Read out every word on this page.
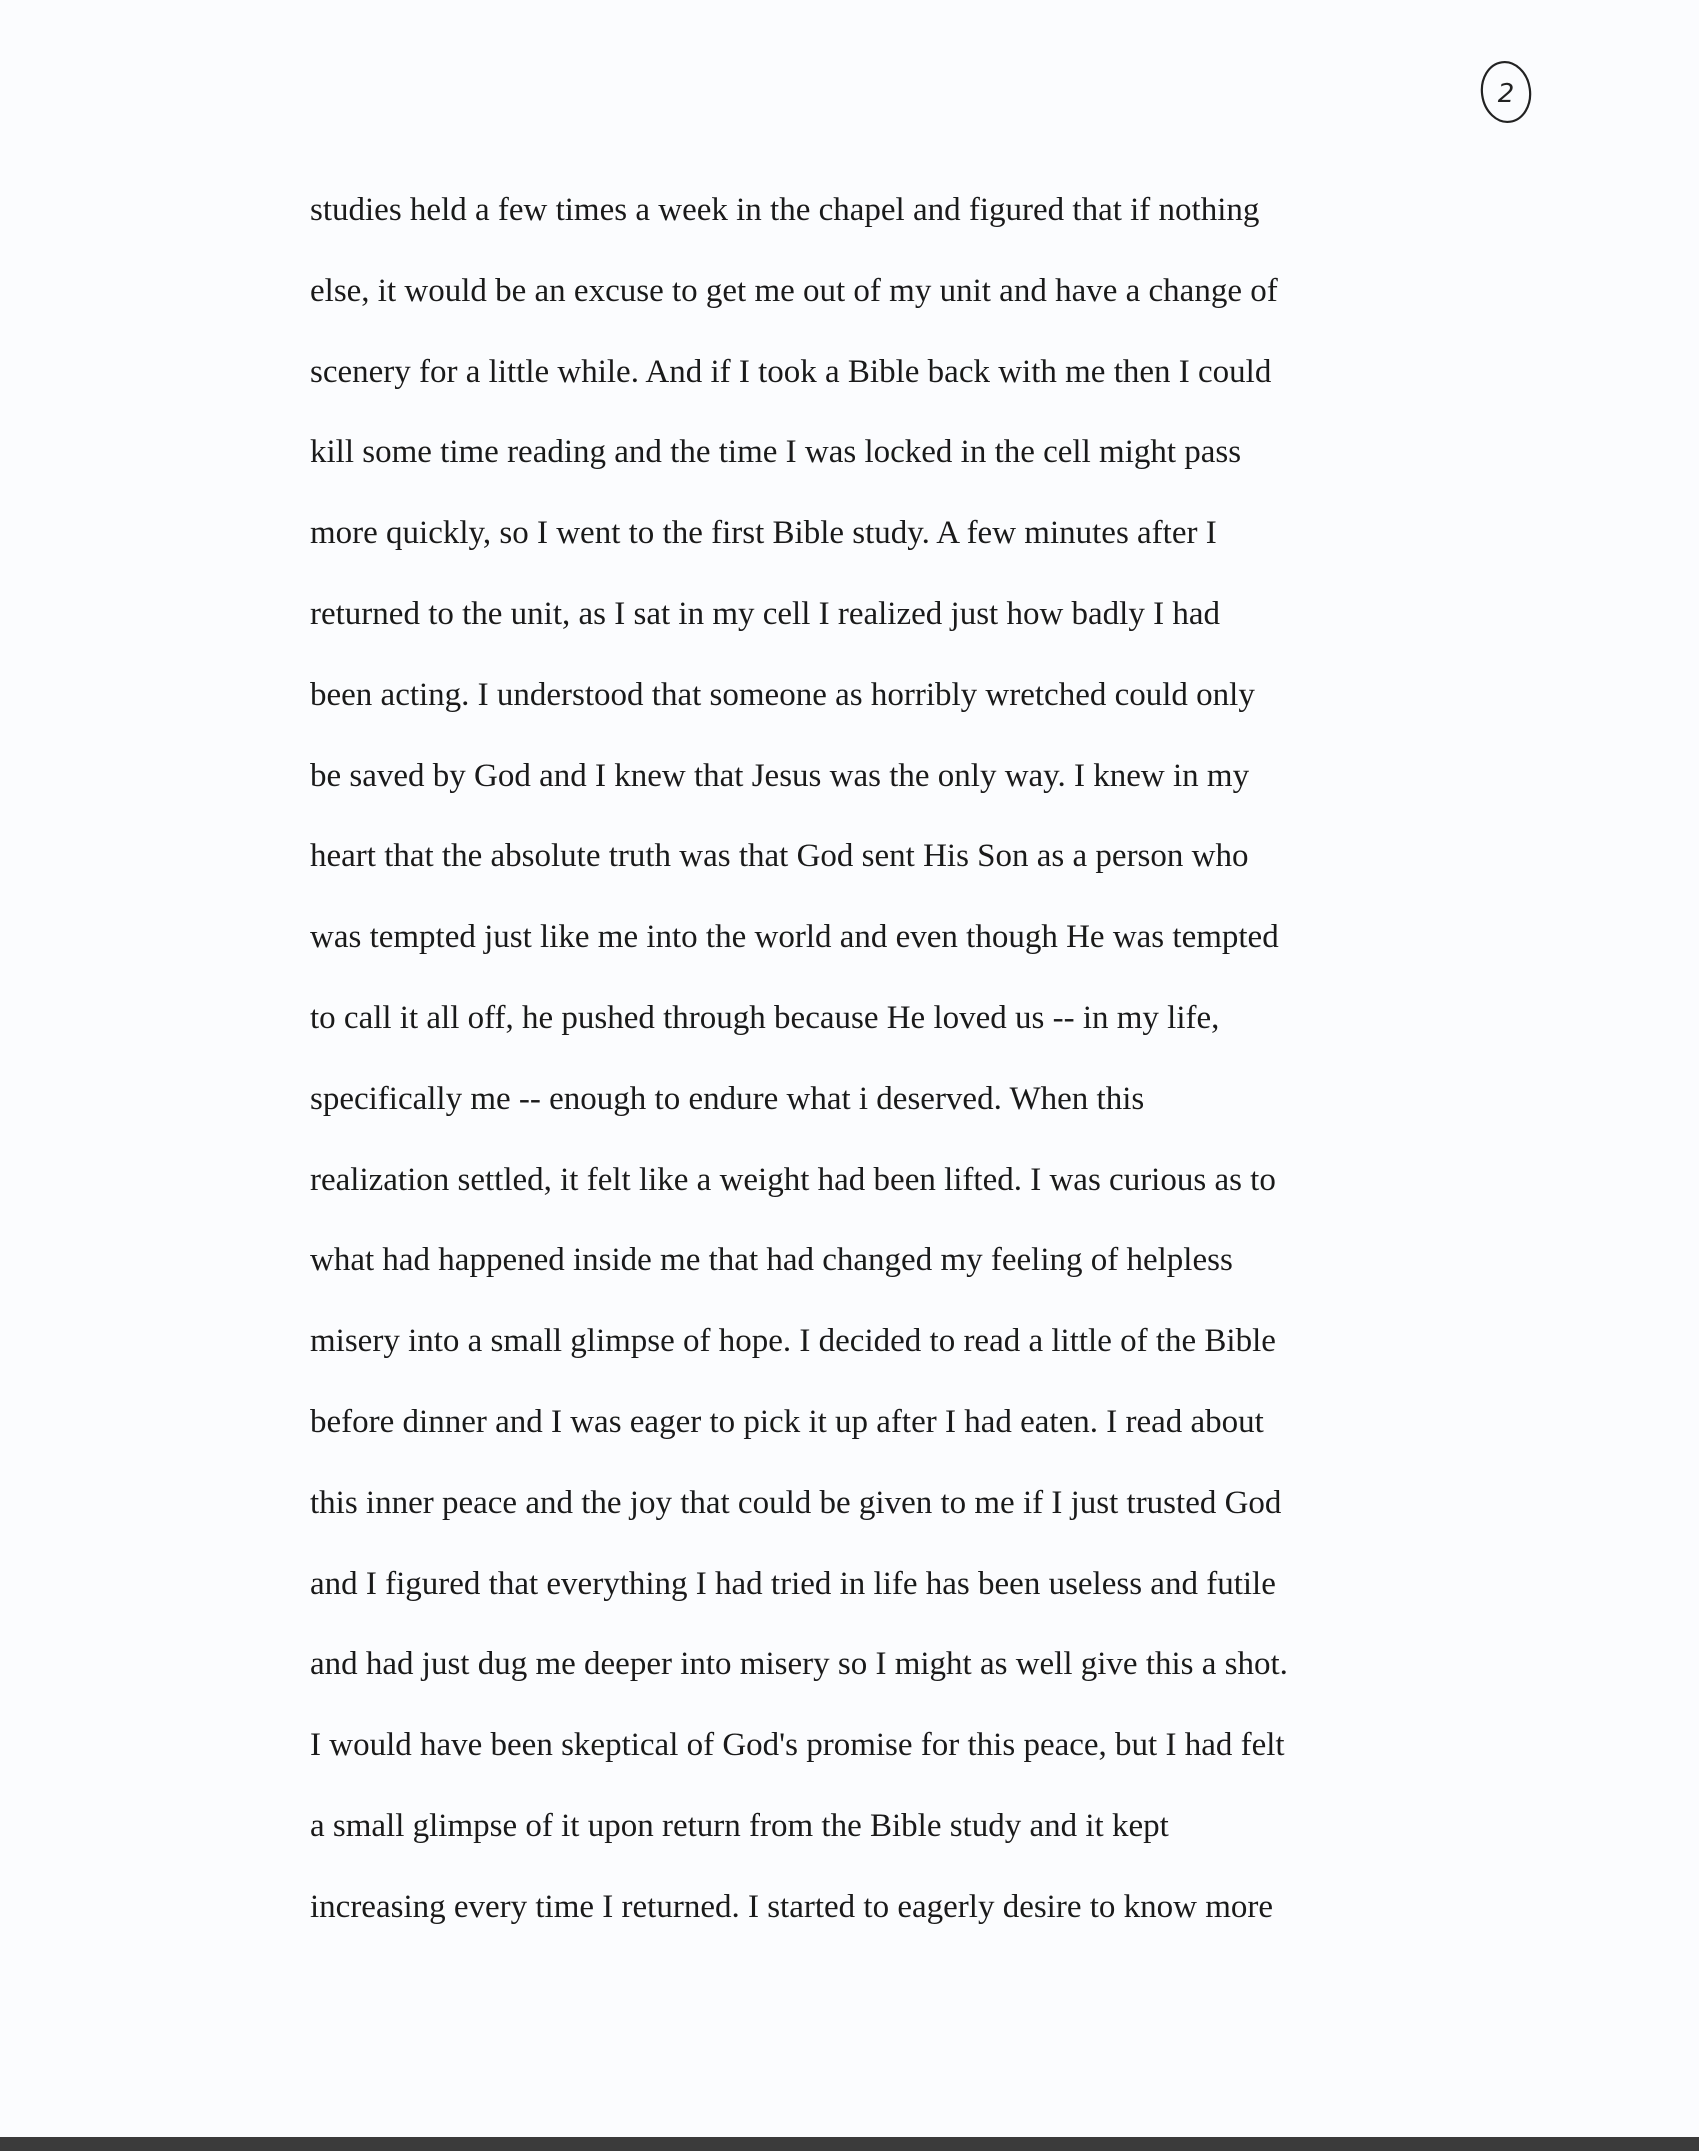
2
studies held a few times a week in the chapel and figured that if nothing
else, it would be an excuse to get me out of my unit and have a change of
scenery for a little while. And if I took a Bible back with me then I could
kill some time reading and the time I was locked in the cell might pass
more quickly, so I went to the first Bible study. A few minutes after I
returned to the unit, as I sat in my cell I realized just how badly I had
been acting. I understood that someone as horribly wretched could only
be saved by God and I knew that Jesus was the only way. I knew in my
heart that the absolute truth was that God sent His Son as a person who
was tempted just like me into the world and even though He was tempted
to call it all off, he pushed through because He loved us -- in my life,
specifically me -- enough to endure what i deserved. When this
realization settled, it felt like a weight had been lifted. I was curious as to
what had happened inside me that had changed my feeling of helpless
misery into a small glimpse of hope. I decided to read a little of the Bible
before dinner and I was eager to pick it up after I had eaten. I read about
this inner peace and the joy that could be given to me if I just trusted God
and I figured that everything I had tried in life has been useless and futile
and had just dug me deeper into misery so I might as well give this a shot.
I would have been skeptical of God's promise for this peace, but I had felt
a small glimpse of it upon return from the Bible study and it kept
increasing every time I returned. I started to eagerly desire to know more
